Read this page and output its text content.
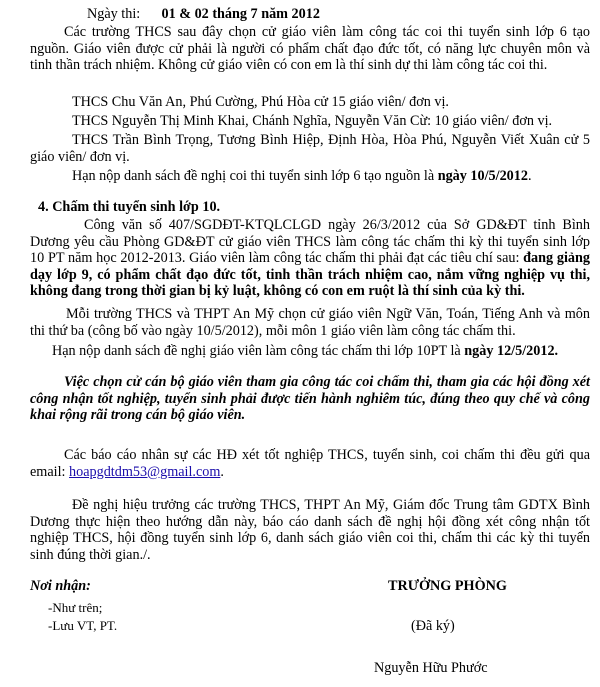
Ngày thi: 01 & 02 tháng 7 năm 2012

Các trường THCS sau đây chọn cử giáo viên làm công tác coi thi tuyển sinh lớp 6 tạo nguồn. Giáo viên được cử phải là người có phẩm chất đạo đức tốt, có năng lực chuyên môn và tinh thần trách nhiệm. Không cử giáo viên có con em là thí sinh dự thi làm công tác coi thi.

THCS Chu Văn An, Phú Cường, Phú Hòa cử 15 giáo viên/ đơn vị.

THCS Nguyễn Thị Minh Khai, Chánh Nghĩa, Nguyễn Văn Cừ: 10 giáo viên/ đơn vị.

THCS Trần Bình Trọng, Tương Bình Hiệp, Định Hòa, Hòa Phú, Nguyễn Viết Xuân cử 5 giáo viên/ đơn vị.

Hạn nộp danh sách đề nghị coi thi tuyển sinh lớp 6 tạo nguồn là ngày 10/5/2012.

4. Chấm thi tuyển sinh lớp 10.

Công văn số 407/SGDĐT-KTQLCLGD ngày 26/3/2012 của Sở GD&ĐT tỉnh Bình Dương yêu cầu Phòng GD&ĐT cử giáo viên THCS làm công tác chấm thi kỳ thi tuyển sinh lớp 10 PT năm học 2012-2013. Giáo viên làm công tác chấm thi phải đạt các tiêu chí sau: đang giảng dạy lớp 9, có phẩm chất đạo đức tốt, tinh thần trách nhiệm cao, nắm vững nghiệp vụ thi, không đang trong thời gian bị kỷ luật, không có con em ruột là thí sinh của kỳ thi.

Mỗi trường THCS và THPT An Mỹ chọn cử giáo viên Ngữ Văn, Toán, Tiếng Anh và môn thi thứ ba (công bố vào ngày 10/5/2012), mỗi môn 1 giáo viên làm công tác chấm thi.

Hạn nộp danh sách đề nghị giáo viên làm công tác chấm thi lớp 10PT là ngày 12/5/2012.

Việc chọn cử cán bộ giáo viên tham gia công tác coi chấm thi, tham gia các hội đồng xét công nhận tốt nghiệp, tuyển sinh phải được tiến hành nghiêm túc, đúng theo quy chế và công khai rộng rãi trong cán bộ giáo viên.

Các báo cáo nhân sự các HĐ xét tốt nghiệp THCS, tuyển sinh, coi chấm thi đều gửi qua email: hoapgdtdm53@gmail.com.

Đề nghị hiệu trưởng các trường THCS, THPT An Mỹ, Giám đốc Trung tâm GDTX Bình Dương thực hiện theo hướng dẫn này, báo cáo danh sách đề nghị hội đồng xét công nhận tốt nghiệp THCS, hội đồng tuyển sinh lớp 6, danh sách giáo viên coi thi, chấm thi các kỳ thi tuyển sinh đúng thời gian./.

Nơi nhận:

-Như trên;

-Lưu VT, PT.

TRƯỞNG PHÒNG

(Đã ký)

Nguyễn Hữu Phước
